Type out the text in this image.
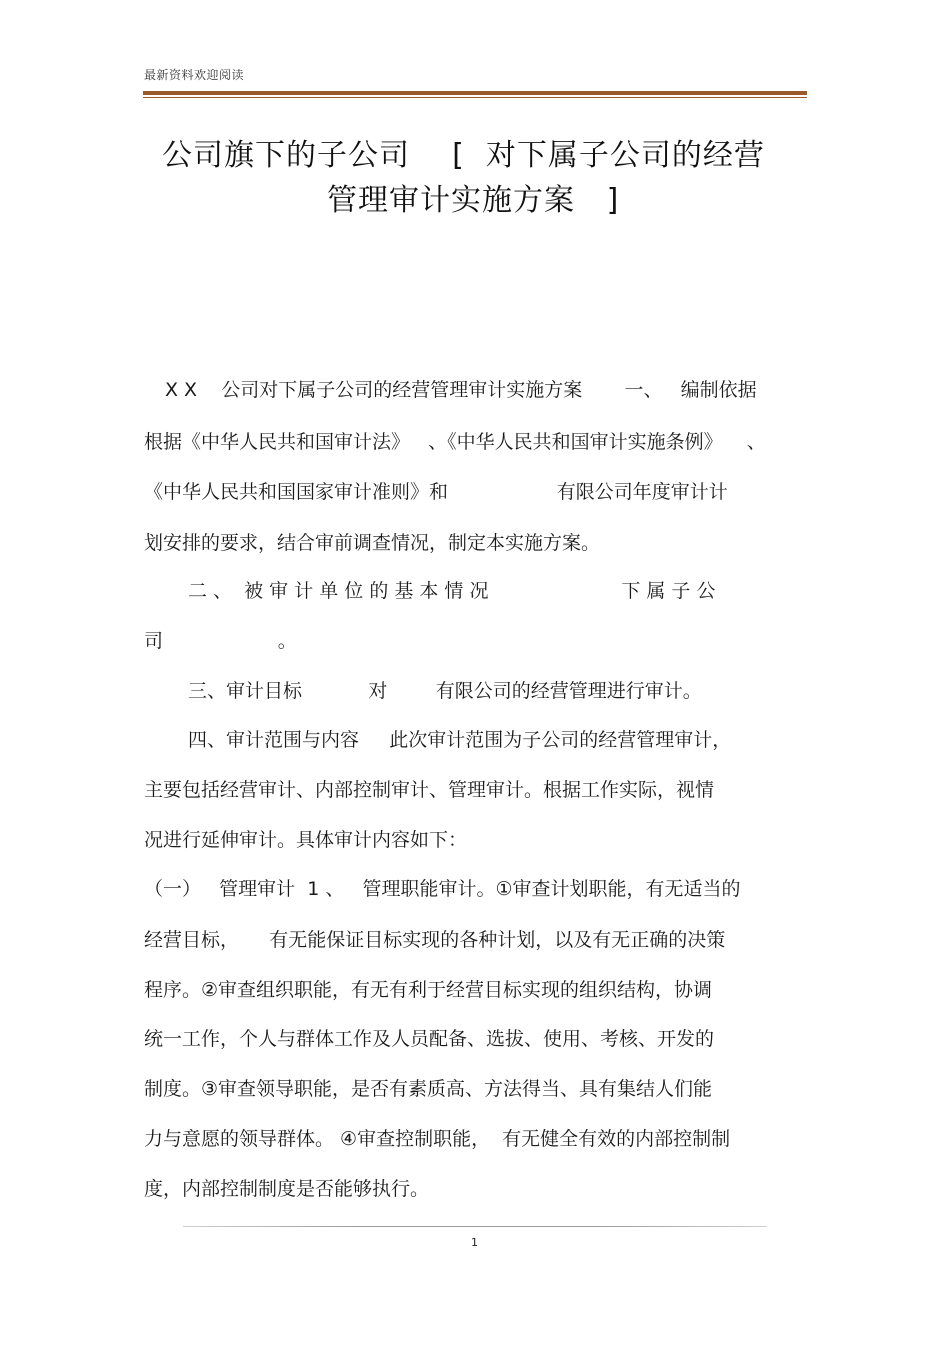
最新资料欢迎阅读
公司旗下的子公司    [  对下属子公司的经营
管理审计实施方案   ]
X X    公司对下属子公司的经营管理审计实施方案       一、   编制依据
根据《中华人民共和国审计法》   、《中华人民共和国审计实施条例》    、
《中华人民共和国国家审计准则》和                  有限公司年度审计计
划安排的要求，结合审前调查情况，制定本实施方案。
二 、  被 审 计 单 位 的 基 本 情 况                      下 属 子 公
司                   。
三、审计目标           对        有限公司的经营管理进行审计。
四、审计范围与内容     此次审计范围为子公司的经营管理审计，
主要包括经营审计、内部控制审计、管理审计。根据工作实际，视情
况进行延伸审计。具体审计内容如下：
（一）   管理审计  1 、   管理职能审计。①审查计划职能，有无适当的
经营目标，     有无能保证目标实现的各种计划，以及有无正确的决策
程序。②审查组织职能，有无有利于经营目标实现的组织结构，协调
统一工作，个人与群体工作及人员配备、选拔、使用、考核、开发的
制度。③审查领导职能，是否有素质高、方法得当、具有集结人们能
力与意愿的领导群体。 ④审查控制职能，  有无健全有效的内部控制制
度，内部控制制度是否能够执行。
1
